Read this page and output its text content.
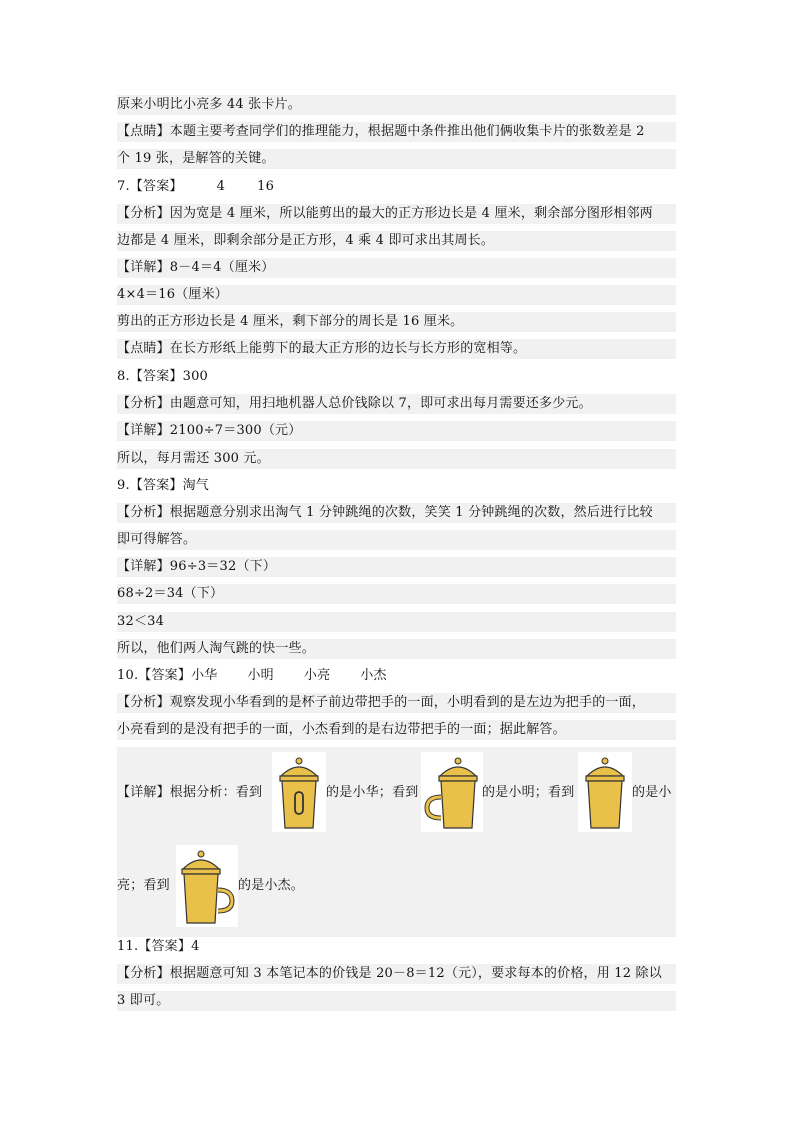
原来小明比小亮多 44 张卡片。
【点睛】本题主要考查同学们的推理能力，根据题中条件推出他们俩收集卡片的张数差是 2
个 19 张，是解答的关键。
7.【答案】	4 16
【分析】因为宽是 4 厘米，所以能剪出的最大的正方形边长是 4 厘米，剩余部分图形相邻两
边都是 4 厘米，即剩余部分是正方形，4 乘 4 即可求出其周长。
【详解】8－4＝4（厘米）
4×4＝16（厘米）
剪出的正方形边长是 4 厘米，剩下部分的周长是 16 厘米。
【点睛】在长方形纸上能剪下的最大正方形的边长与长方形的宽相等。
8.【答案】300
【分析】由题意可知，用扫地机器人总价钱除以 7，即可求出每月需要还多少元。
【详解】2100÷7＝300（元）
所以，每月需还 300 元。
9.【答案】淘气
【分析】根据题意分别求出淘气 1 分钟跳绳的次数，笑笑 1 分钟跳绳的次数，然后进行比较
即可得解答。
【详解】96÷3＝32（下）
68÷2＝34（下）
32＜34
所以，他们两人淘气跳的快一些。
10.【答案】小华 小明 小亮 小杰
【分析】观察发现小华看到的是杯子前边带把手的一面，小明看到的是左边为把手的一面，
小亮看到的是没有把手的一面，小杰看到的是右边带把手的一面；据此解答。
【详解】根据分析：看到	的是小华；看到	的是小明；看到	的是小
亮；看到	的是小杰。
11.【答案】4
【分析】根据题意可知 3 本笔记本的价钱是 20－8＝12（元），要求每本的价格，用 12 除以
3 即可。
